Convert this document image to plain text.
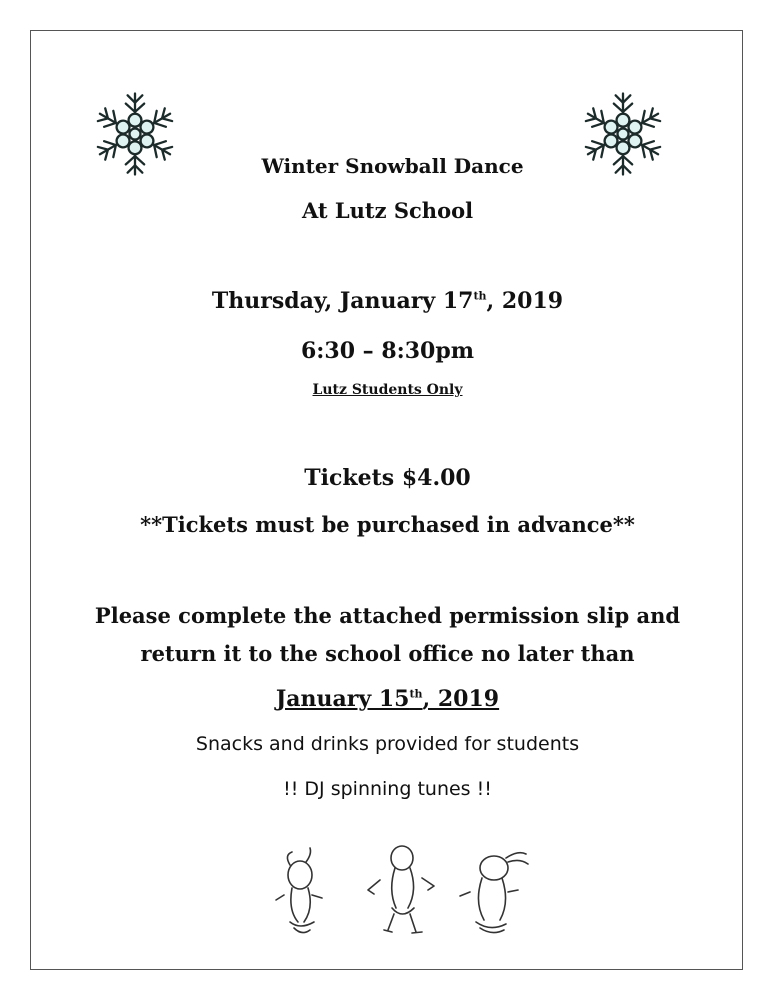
Winter Snowball Dance
At Lutz School
Thursday, January 17th, 2019
6:30 – 8:30pm
Lutz Students Only
Tickets $4.00
**Tickets must be purchased in advance**
Please complete the attached permission slip and
return it to the school office no later than
January 15th, 2019
Snacks and drinks provided for students
!! DJ spinning tunes !!
